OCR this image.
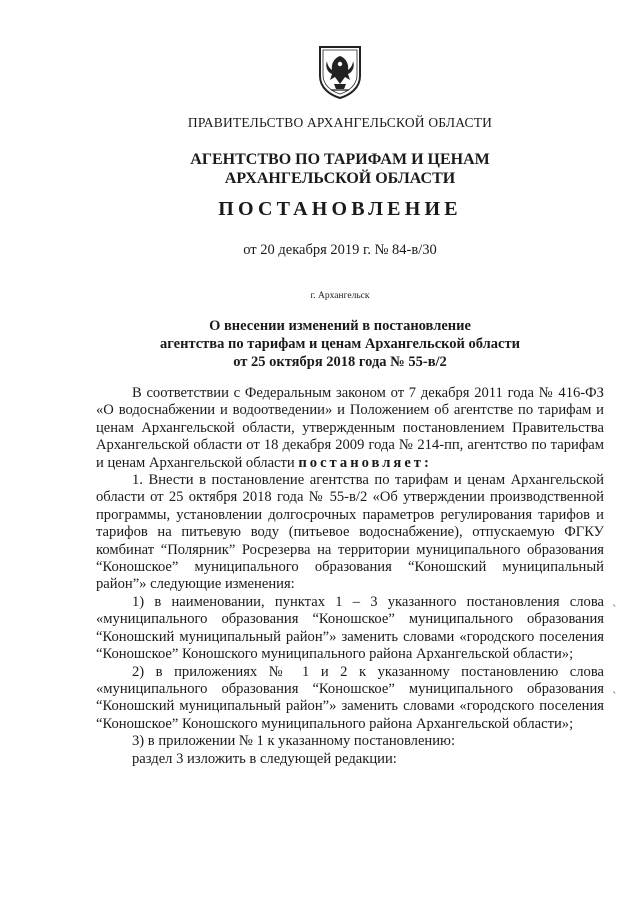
ПРАВИТЕЛЬСТВО АРХАНГЕЛЬСКОЙ ОБЛАСТИ
АГЕНТСТВО ПО ТАРИФАМ И ЦЕНАМ
АРХАНГЕЛЬСКОЙ ОБЛАСТИ
ПОСТАНОВЛЕНИЕ
от 20 декабря 2019 г. № 84-в/30
г. Архангельск
О внесении изменений в постановление
агентства по тарифам и ценам Архангельской области
от 25 октября 2018 года № 55-в/2

В соответствии с Федеральным законом от 7 декабря 2011 года № 416-ФЗ «О водоснабжении и водоотведении» и Положением об агентстве по тарифам и ценам Архангельской области, утвержденным постановлением Правительства Архангельской области от 18 декабря 2009 года № 214-пп, агентство по тарифам и ценам Архангельской области постановляет:

1. Внести в постановление агентства по тарифам и ценам Архангельской области от 25 октября 2018 года № 55-в/2 «Об утверждении производственной программы, установлении долгосрочных параметров регулирования тарифов и тарифов на питьевую воду (питьевое водоснабжение), отпускаемую ФГКУ комбинат “Полярник” Росрезерва на территории муниципального образования “Коношское” муниципального образования “Коношский муниципальный район”» следующие изменения:

1) в наименовании, пунктах 1 – 3 указанного постановления слова «муниципального образования “Коношское” муниципального образования “Коношский муниципальный район”» заменить словами «городского поселения “Коношское” Коношского муниципального района Архангельской области»;

2) в приложениях № 1 и 2 к указанному постановлению слова «муниципального образования “Коношское” муниципального образования “Коношский муниципальный район”» заменить словами «городского поселения “Коношское” Коношского муниципального района Архангельской области»;

3) в приложении № 1 к указанному постановлению:

раздел 3 изложить в следующей редакции:

ˋ
ˋ
